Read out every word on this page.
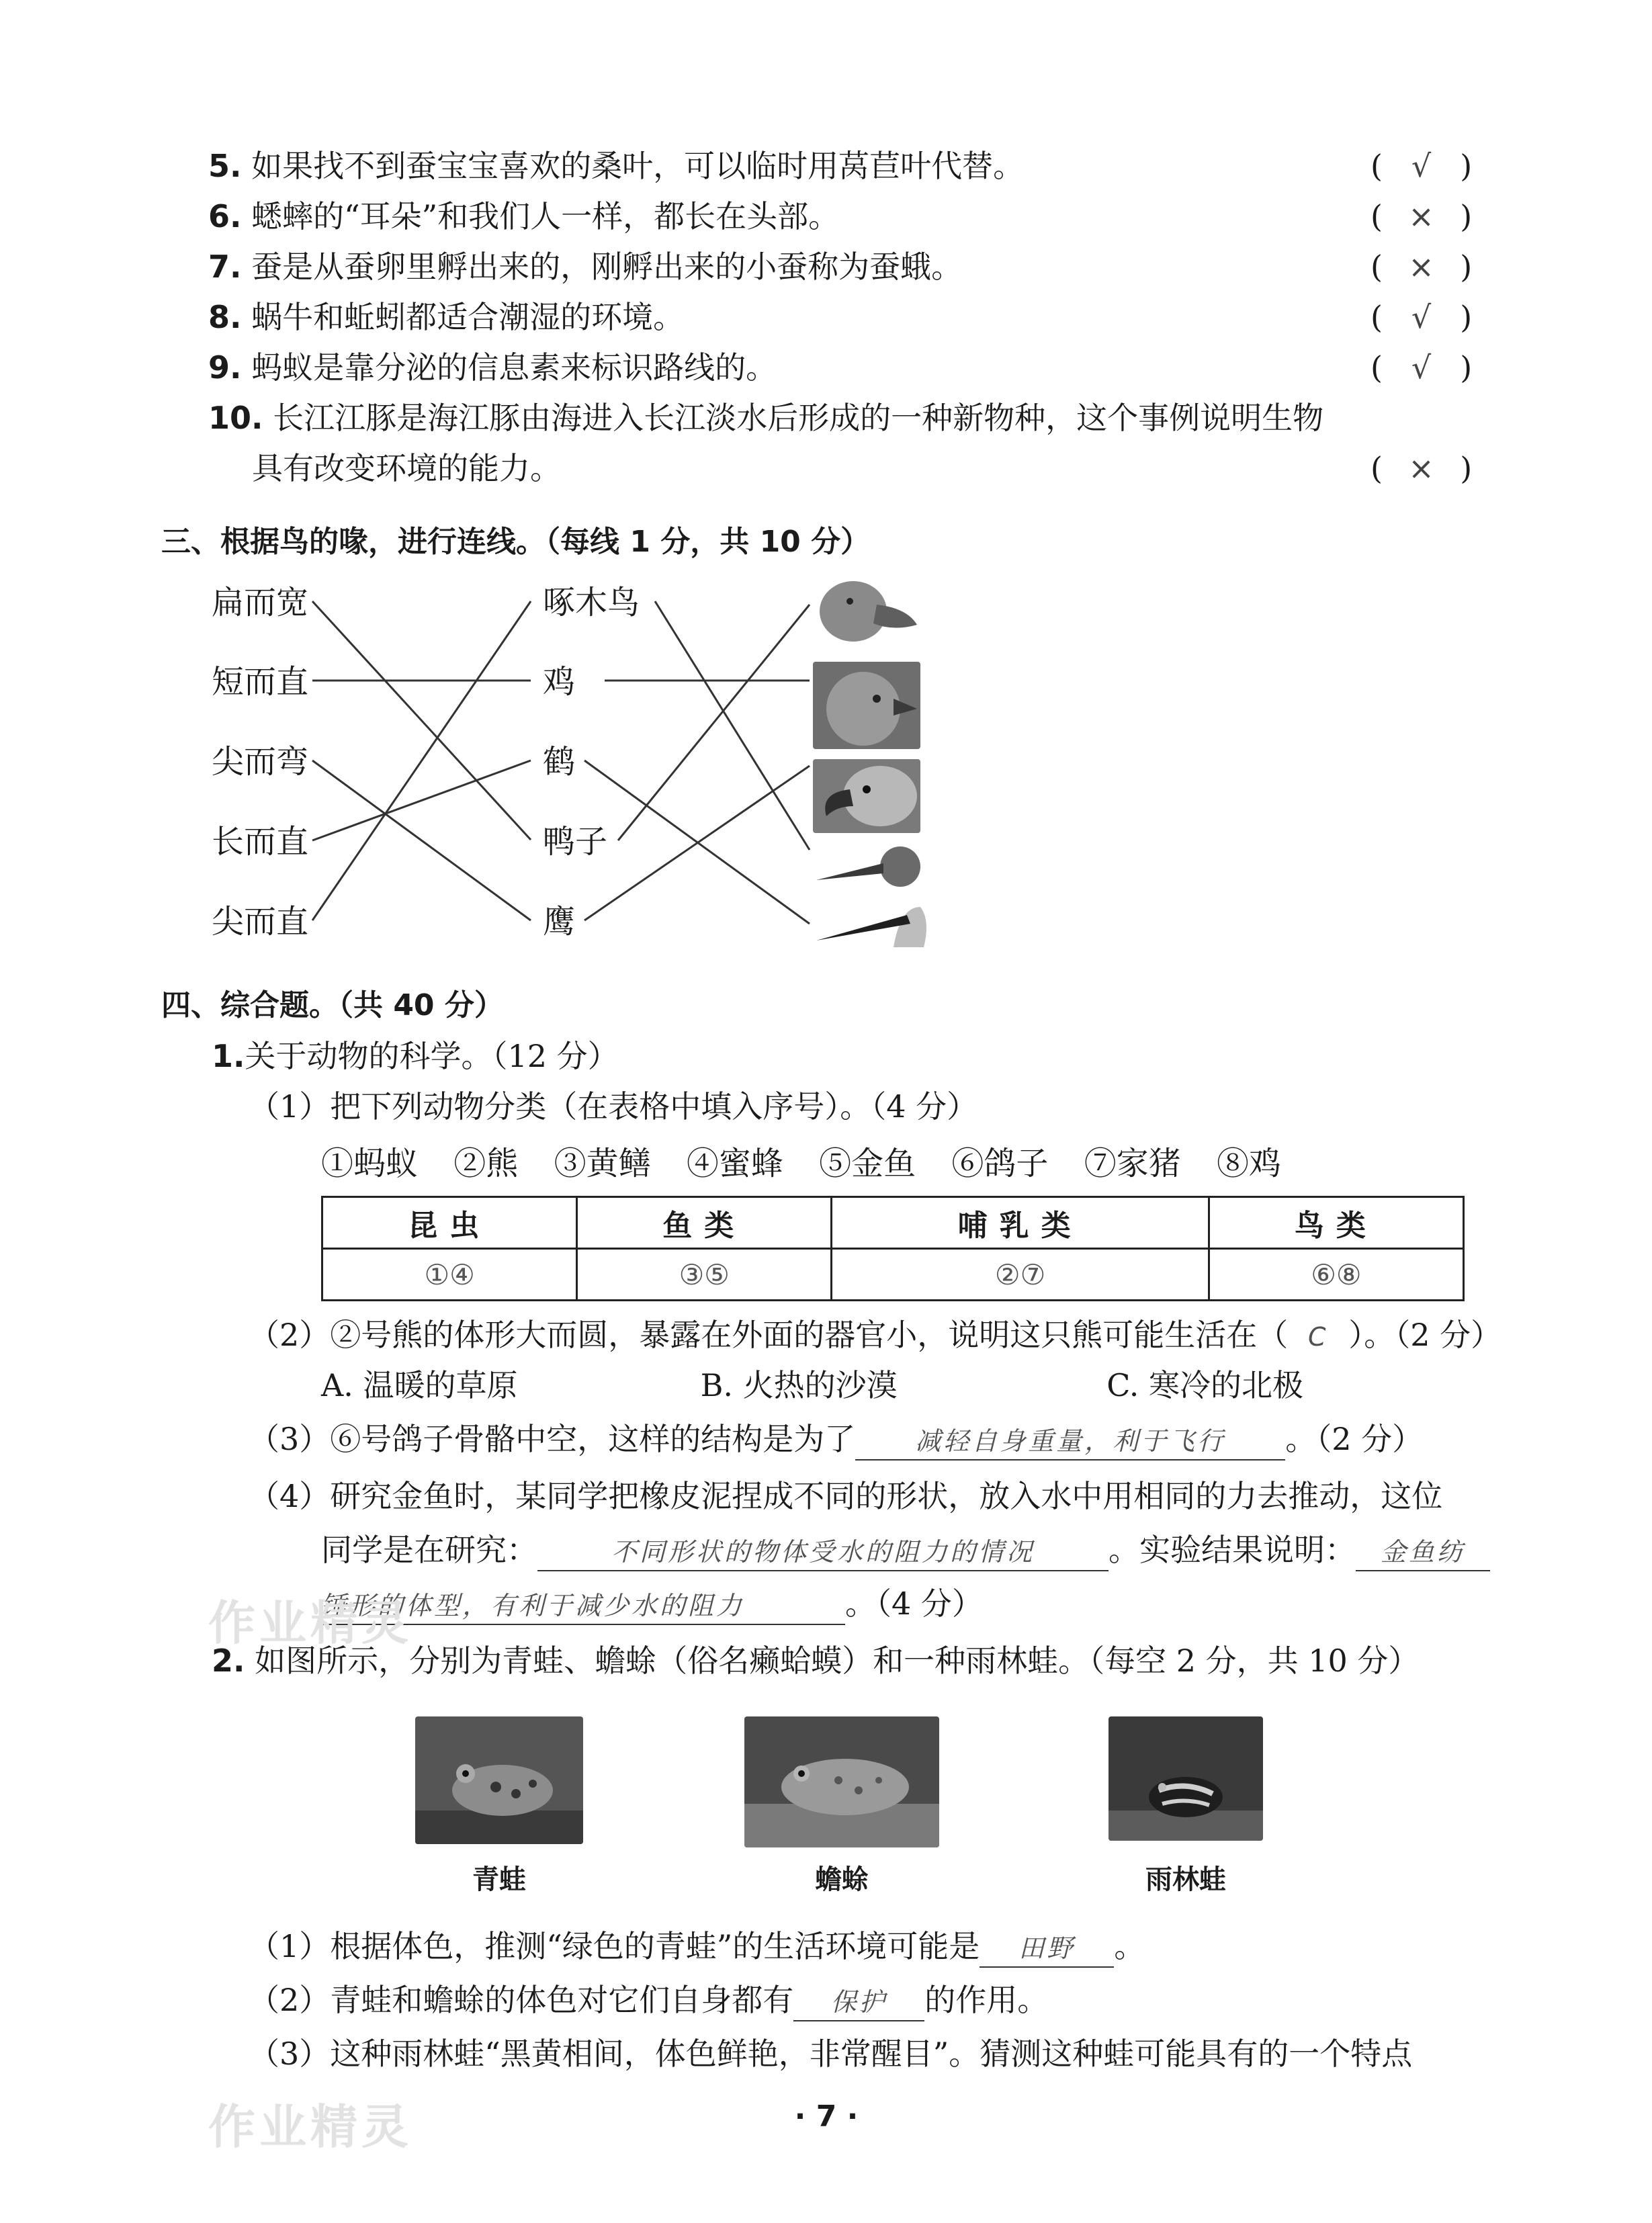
5. 如果找不到蚕宝宝喜欢的桑叶，可以临时用莴苣叶代替。	( √ )
6. 蟋蟀的“耳朵”和我们人一样，都长在头部。	( × )
7. 蚕是从蚕卵里孵出来的，刚孵出来的小蚕称为蚕蛾。	( × )
8. 蜗牛和蚯蚓都适合潮湿的环境。	( √ )
9. 蚂蚁是靠分泌的信息素来标识路线的。	( √ )
10. 长江江豚是海江豚由海进入长江淡水后形成的一种新物种，这个事例说明生物
具有改变环境的能力。	( × )
三、根据鸟的喙，进行连线。（每线 1 分，共 10 分）
扁而宽
短而直
尖而弯
长而直
尖而直
啄木鸟
鸡
鹤
鸭子
鹰
四、综合题。（共 40 分）
1.关于动物的科学。（12 分）
（1）把下列动物分类（在表格中填入序号）。（4 分）
①蚂蚁 ②熊 ③黄鳝 ④蜜蜂 ⑤金鱼 ⑥鸽子 ⑦家猪 ⑧鸡
昆虫	鱼类	哺乳类	鸟类
①④	③⑤	②⑦	⑥⑧
（2）②号熊的体形大而圆，暴露在外面的器官小，说明这只熊可能生活在（ C ）。（2 分）
A. 温暖的草原	B. 火热的沙漠	C. 寒冷的北极
（3）⑥号鸽子骨骼中空，这样的结构是为了 减轻自身重量，利于飞行 。（2 分）
（4）研究金鱼时，某同学把橡皮泥捏成不同的形状，放入水中用相同的力去推动，这位
同学是在研究：	不同形状的物体受水的阻力的情况 。实验结果说明： 金鱼纺
锤形的体型，有利于减少水的阻力	。（4 分）
2. 如图所示，分别为青蛙、蟾蜍（俗名癞蛤蟆）和一种雨林蛙。（每空 2 分，共 10 分）
青蛙	蟾蜍	雨林蛙
（1）根据体色，推测“绿色的青蛙”的生活环境可能是 田野 。
（2）青蛙和蟾蜍的体色对它们自身都有 保护 的作用。
（3）这种雨林蛙“黑黄相间，体色鲜艳，非常醒目”。猜测这种蛙可能具有的一个特点
· 7 ·
作业精灵
作业精灵
